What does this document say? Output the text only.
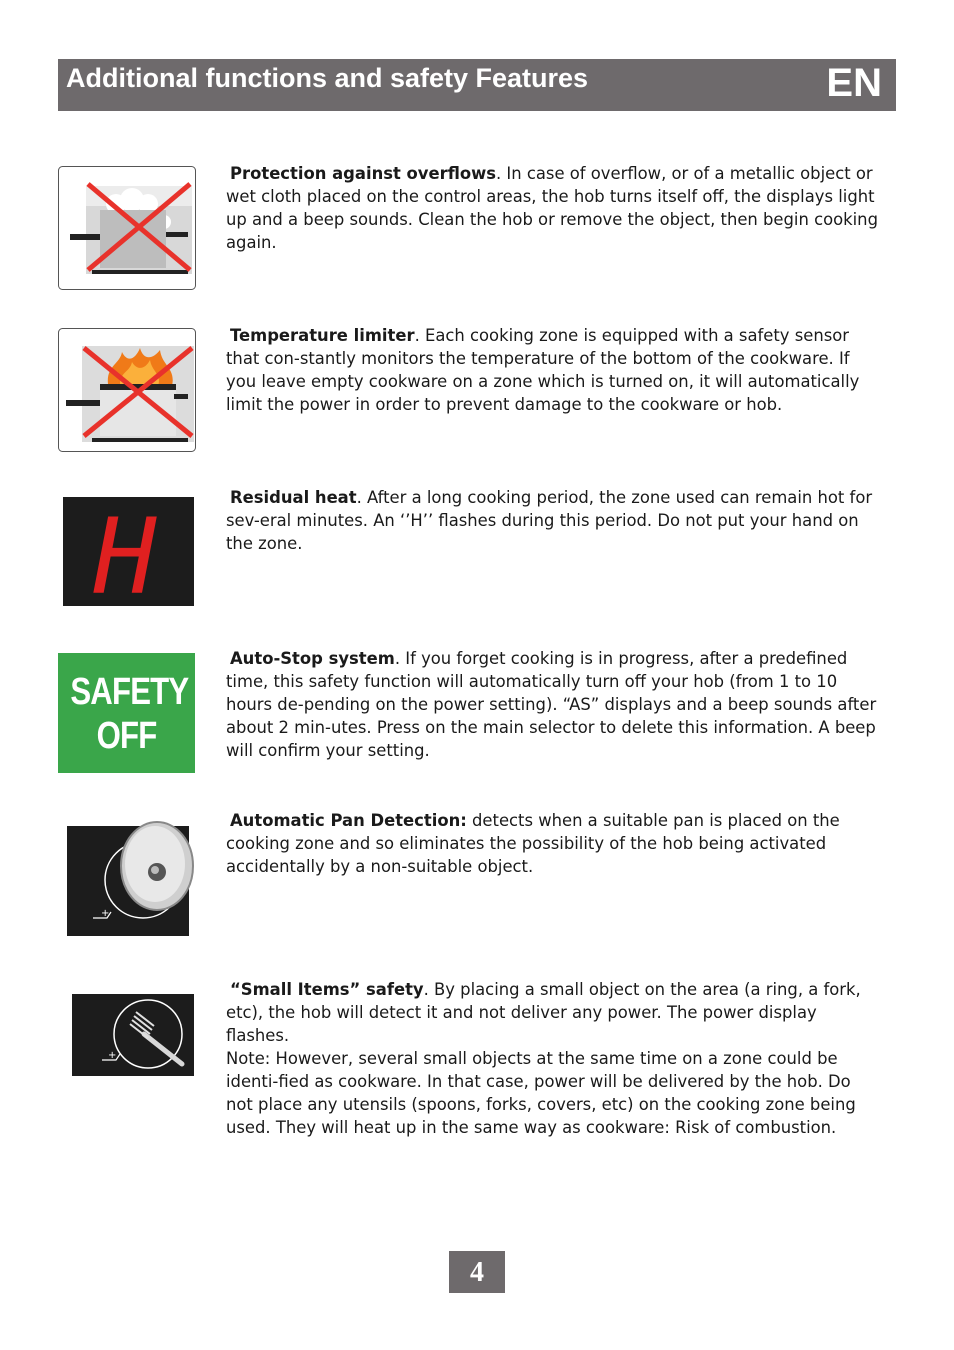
Additional functions and safety Features	EN
Protection against overflows. In case of overflow, or of a metallic object or wet cloth placed on the control areas, the hob turns itself off, the displays light up and a beep sounds. Clean the hob or remove the object, then begin cooking again.
Temperature limiter. Each cooking zone is equipped with a safety sensor that con-stantly monitors the temperature of the bottom of the cookware. If you leave empty cookware on a zone which is turned on, it will automatically limit the power in order to prevent damage to the cookware or hob.
H	Residual heat. After a long cooking period, the zone used can remain hot for sev-eral minutes. An ‘’H’’ flashes during this period. Do not put your hand on the zone.
SAFETY
OFF
Auto-Stop system. If you forget cooking is in progress, after a predefined time, this safety function will automatically turn off your hob (from 1 to 10 hours de-pending on the power setting). “AS” displays and a beep sounds after about 2 min-utes. Press on the main selector to delete this information. A beep will confirm your setting.
+
Automatic Pan Detection: detects when a suitable pan is placed on the cooking zone and so eliminates the possibility of the hob being activated accidentally by a non-suitable object.
+
“Small Items” safety. By placing a small object on the area (a ring, a fork, etc), the hob will detect it and not deliver any power. The power display flashes.
Note: However, several small objects at the same time on a zone could be identi-fied as cookware. In that case, power will be delivered by the hob. Do not place any utensils (spoons, forks, covers, etc) on the cooking zone being used. They will heat up in the same way as cookware: Risk of combustion.
4
